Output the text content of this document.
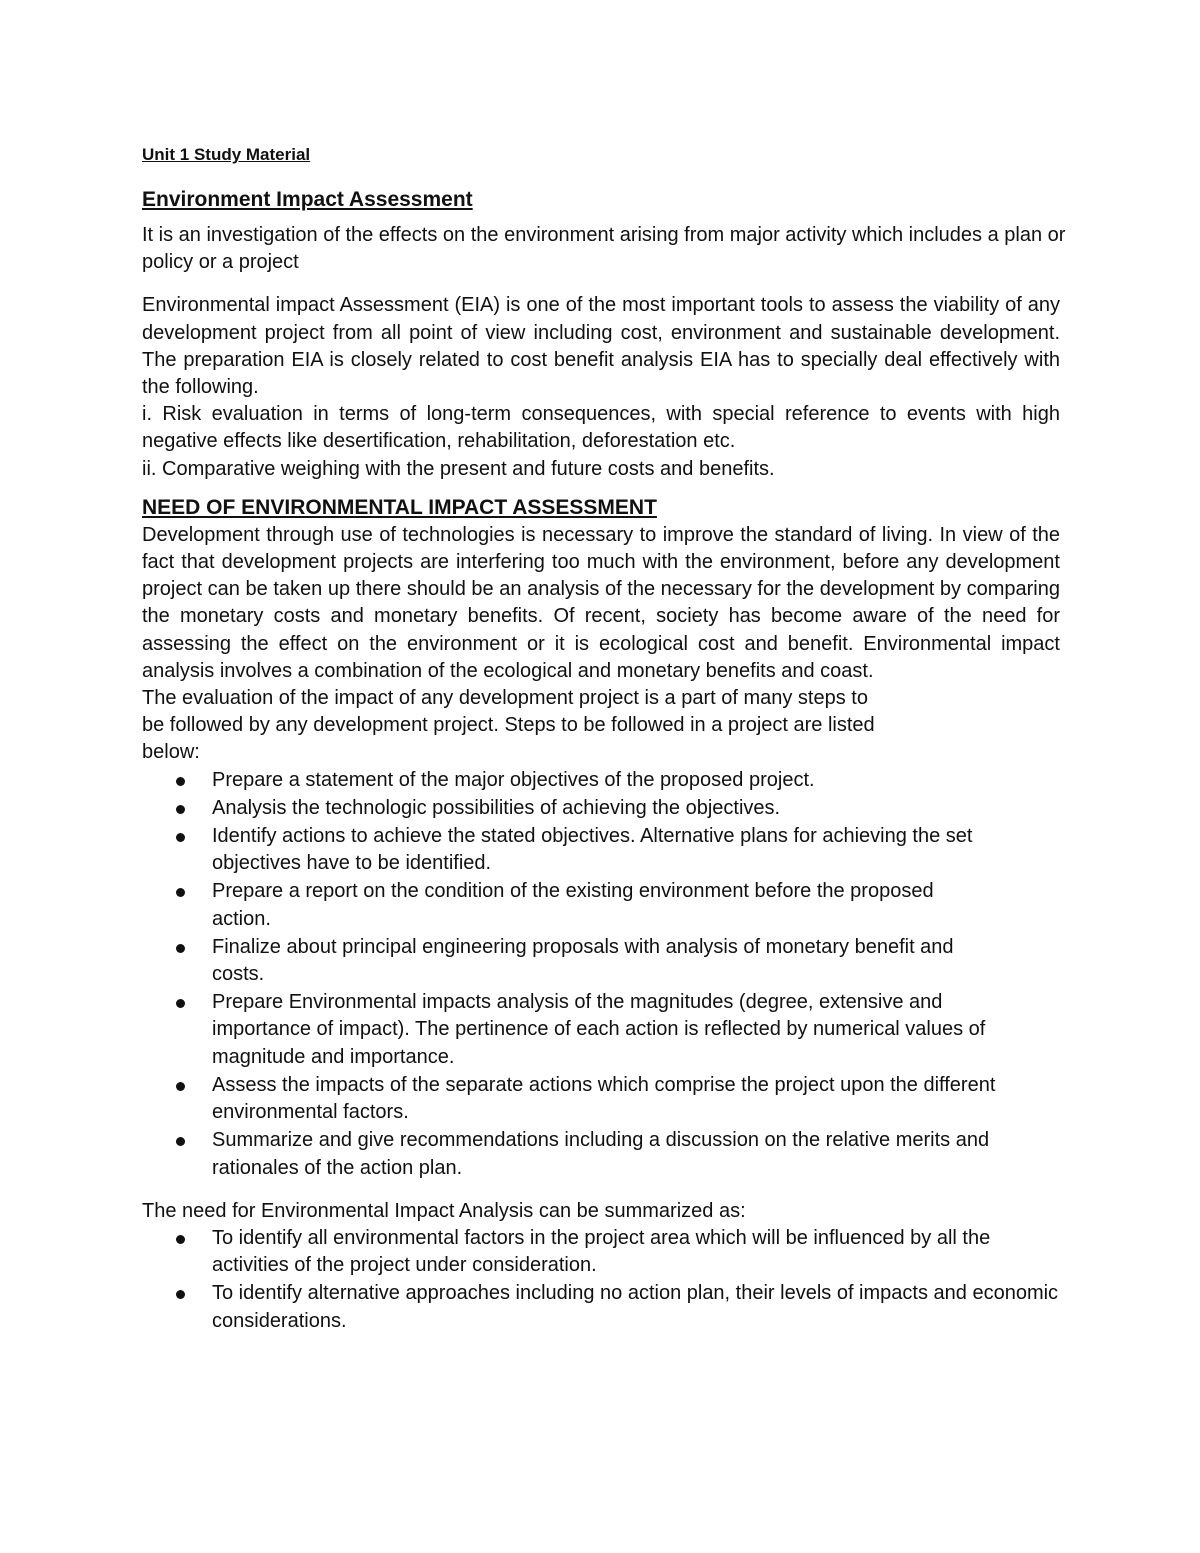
Unit 1 Study Material
Environment Impact Assessment

It is an investigation of the effects on the environment arising from major activity which includes a plan or policy or a project

Environmental impact Assessment (EIA) is one of the most important tools to assess the viability of any development project from all point of view including cost, environment and sustainable development. The preparation EIA is closely related to cost benefit analysis EIA has to specially deal effectively with the following.

i. Risk evaluation in terms of long-term consequences, with special reference to events with high negative effects like desertification, rehabilitation, deforestation etc.

ii. Comparative weighing with the present and future costs and benefits.

NEED OF ENVIRONMENTAL IMPACT ASSESSMENT

Development through use of technologies is necessary to improve the standard of living. In view of the fact that development projects are interfering too much with the environment, before any development project can be taken up there should be an analysis of the necessary for the development by comparing the monetary costs and monetary benefits. Of recent, society has become aware of the need for assessing the effect on the environment or it is ecological cost and benefit. Environmental impact analysis involves a combination of the ecological and monetary benefits and coast.

The evaluation of the impact of any development project is a part of many steps to

be followed by any development project. Steps to be followed in a project are listed

below:

Prepare a statement of the major objectives of the proposed project.
Analysis the technologic possibilities of achieving the objectives.
Identify actions to achieve the stated objectives. Alternative plans for achieving the set objectives have to be identified.
Prepare a report on the condition of the existing environment before the proposed action.
Finalize about principal engineering proposals with analysis of monetary benefit and costs.
Prepare Environmental impacts analysis of the magnitudes (degree, extensive and importance of impact). The pertinence of each action is reflected by numerical values of magnitude and importance.
Assess the impacts of the separate actions which comprise the project upon the different environmental factors.
Summarize and give recommendations including a discussion on the relative merits and rationales of the action plan.

The need for Environmental Impact Analysis can be summarized as:

To identify all environmental factors in the project area which will be influenced by all the activities of the project under consideration.
To identify alternative approaches including no action plan, their levels of impacts and economic considerations.
